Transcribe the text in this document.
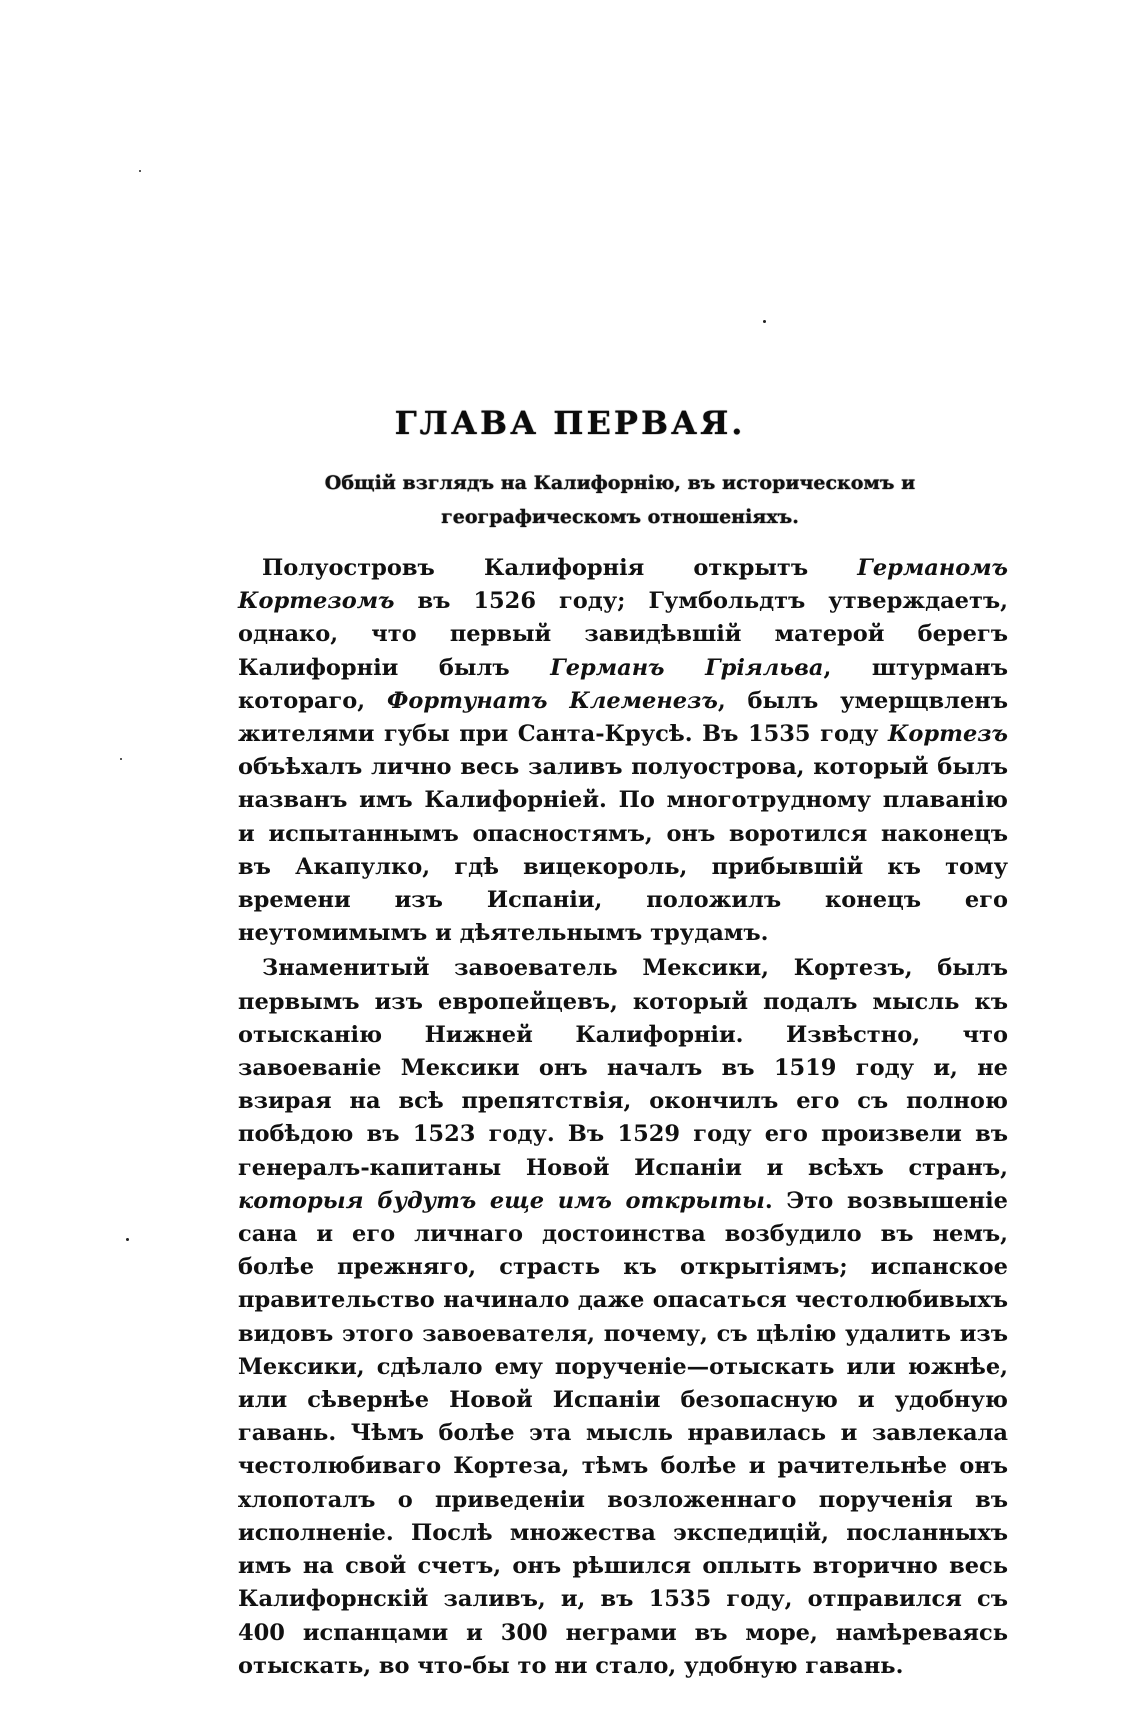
ГЛАВА ПЕРВАЯ.
Общій взглядъ на Калифорнію, въ историческомъ и географическомъ отношеніяхъ.

Полуостровъ Калифорнія открытъ Германомъ Кортезомъ въ 1526 году; Гумбольдтъ утверждаетъ, однако, что первый завидѣвшій матерой берегъ Калифорніи былъ Германъ Гріяльва, штурманъ котораго, Фортунатъ Клеменезъ, былъ умерщвленъ жителями губы при Санта-Крусѣ. Въ 1535 году Кортезъ объѣхалъ лично весь заливъ полуострова, который былъ названъ имъ Калифорніей. По многотрудному плаванію и испытаннымъ опасностямъ, онъ воротился наконецъ въ Акапулко, гдѣ вицекороль, прибывшій къ тому времени изъ Испаніи, положилъ конецъ его неутомимымъ и дѣятельнымъ трудамъ.

Знаменитый завоеватель Мексики, Кортезъ, былъ первымъ изъ европейцевъ, который подалъ мысль къ отысканію Нижней Калифорніи. Извѣстно, что завоеваніе Мексики онъ началъ въ 1519 году и, не взирая на всѣ препятствія, окончилъ его съ полною побѣдою въ 1523 году. Въ 1529 году его произвели въ генералъ-капитаны Новой Испаніи и всѣхъ странъ, которыя будутъ еще имъ открыты. Это возвышеніе сана и его личнаго достоинства возбудило въ немъ, болѣе прежняго, страсть къ открытіямъ; испанское правительство начинало даже опасаться честолюбивыхъ видовъ этого завоевателя, почему, съ цѣлію удалить изъ Мексики, сдѣлало ему порученіе—отыскать или южнѣе, или сѣвернѣе Новой Испаніи безопасную и удобную гавань. Чѣмъ болѣе эта мысль нравилась и завлекала честолюбиваго Кортеза, тѣмъ болѣе и рачительнѣе онъ хлопоталъ о приведеніи возложеннаго порученія въ исполненіе. Послѣ множества экспедицій, посланныхъ имъ на свой счетъ, онъ рѣшился оплыть вторично весь Калифорнскій заливъ, и, въ 1535 году, отправился съ 400 испанцами и 300 неграми въ море, намѣреваясь отыскать, во что-бы то ни стало, удобную гавань.
